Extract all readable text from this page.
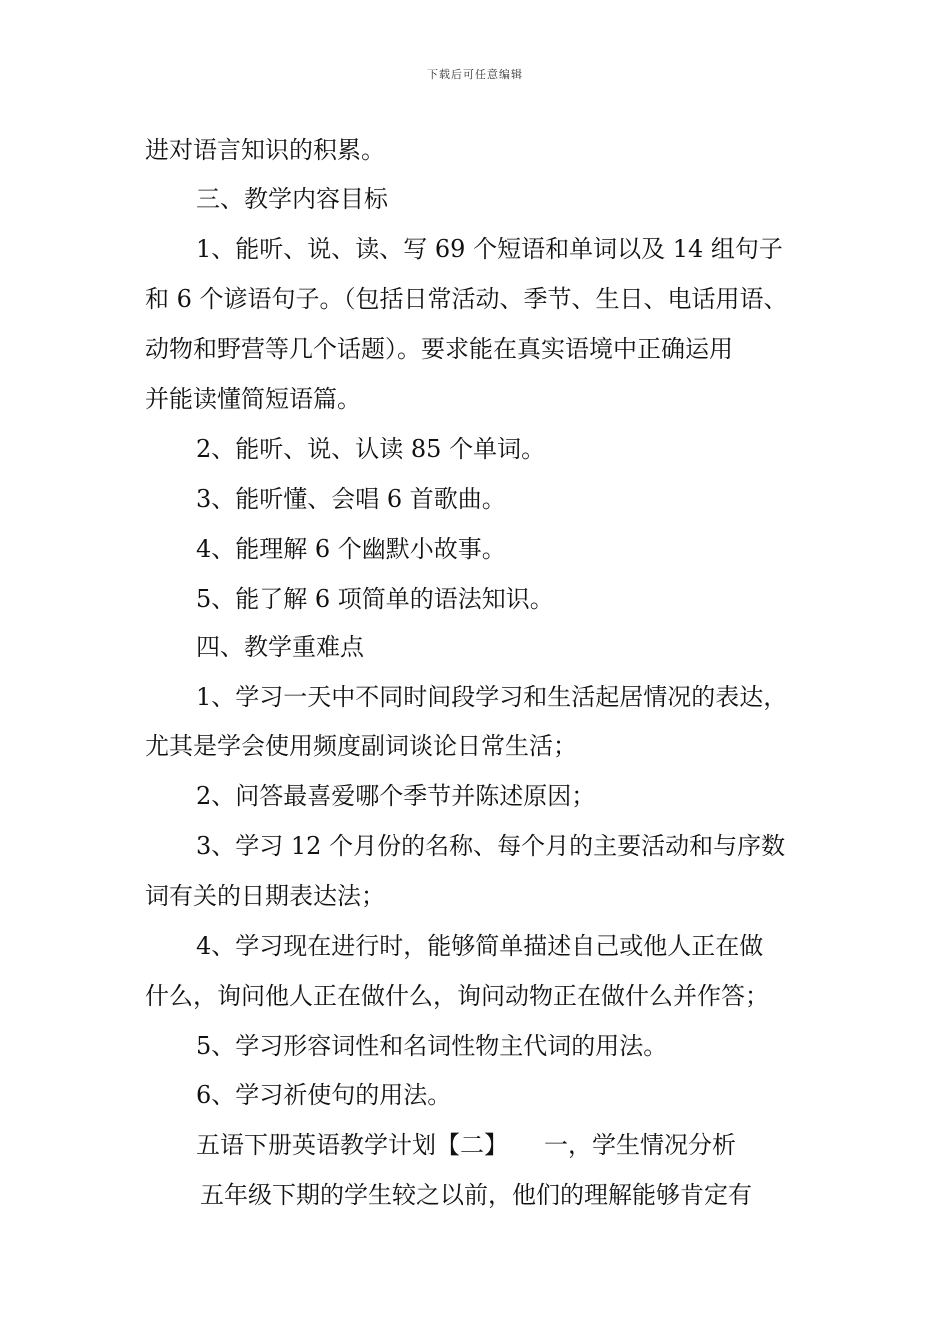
下载后可任意编辑
进对语言知识的积累。
三、教学内容目标
1、能听、说、读、写 69 个短语和单词以及 14 组句子
和 6 个谚语句子。（包括日常活动、季节、生日、电话用语、
动物和野营等几个话题）。要求能在真实语境中正确运用
并能读懂简短语篇。
2、能听、说、认读 85 个单词。
3、能听懂、会唱 6 首歌曲。
4、能理解 6 个幽默小故事。
5、能了解 6 项简单的语法知识。
四、教学重难点
1、学习一天中不同时间段学习和生活起居情况的表达，
尤其是学会使用频度副词谈论日常生活；
2、问答最喜爱哪个季节并陈述原因；
3、学习 12 个月份的名称、每个月的主要活动和与序数
词有关的日期表达法；
4、学习现在进行时，能够简单描述自己或他人正在做
什么，询问他人正在做什么，询问动物正在做什么并作答；
5、学习形容词性和名词性物主代词的用法。
6、学习祈使句的用法。
五语下册英语教学计划【二】　　一，学生情况分析
五年级下期的学生较之以前，他们的理解能够肯定有
